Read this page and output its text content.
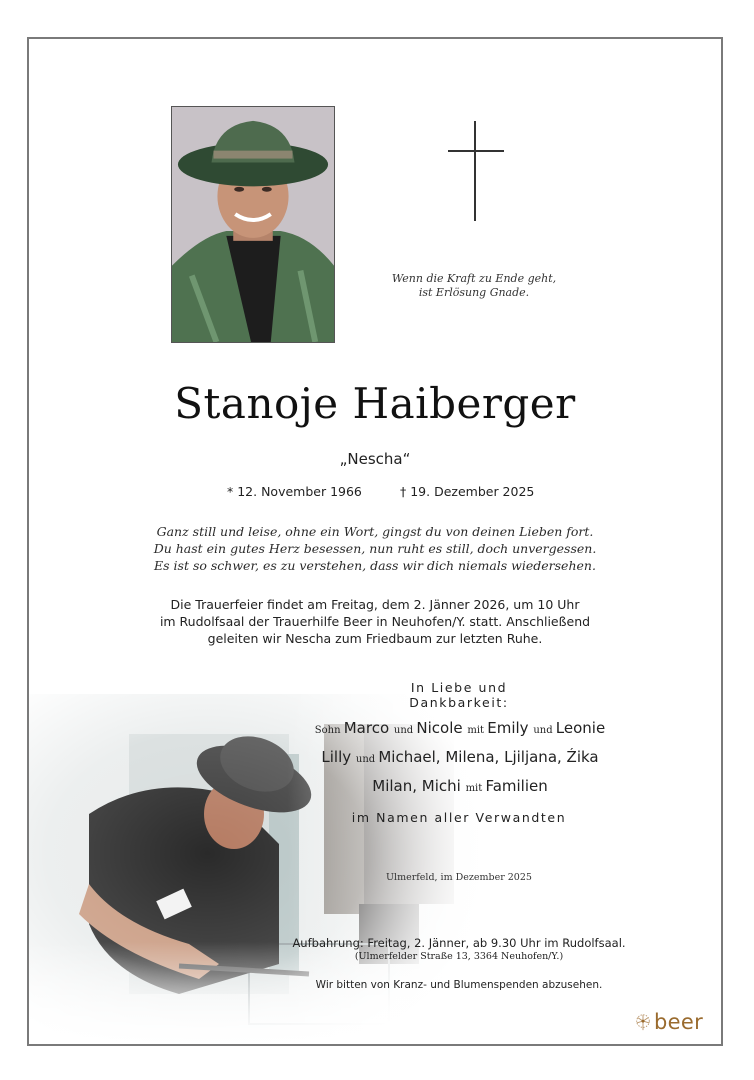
Wenn die Kraft zu Ende geht,
ist Erlösung Gnade.
Stanoje Haiberger
„Nescha“
* 12. November 1966	† 19. Dezember 2025
Ganz still und leise, ohne ein Wort, gingst du von deinen Lieben fort.
Du hast ein gutes Herz besessen, nun ruht es still, doch unvergessen.
Es ist so schwer, es zu verstehen, dass wir dich niemals wiedersehen.
Die Trauerfeier findet am Freitag, dem 2. Jänner 2026, um 10 Uhr
im Rudolfsaal der Trauerhilfe Beer in Neuhofen/Y. statt. Anschließend
geleiten wir Nescha zum Friedbaum zur letzten Ruhe.
In Liebe und Dankbarkeit:
Sohn Marco und Nicole mit Emily und Leonie
Lilly und Michael, Milena, Ljiljana, Źika
Milan, Michi mit Familien
im Namen aller Verwandten
Ulmerfeld, im Dezember 2025
Aufbahrung: Freitag, 2. Jänner, ab 9.30 Uhr im Rudolfsaal.
(Ulmerfelder Straße 13, 3364 Neuhofen/Y.)
Wir bitten von Kranz- und Blumenspenden abzusehen.
beer
